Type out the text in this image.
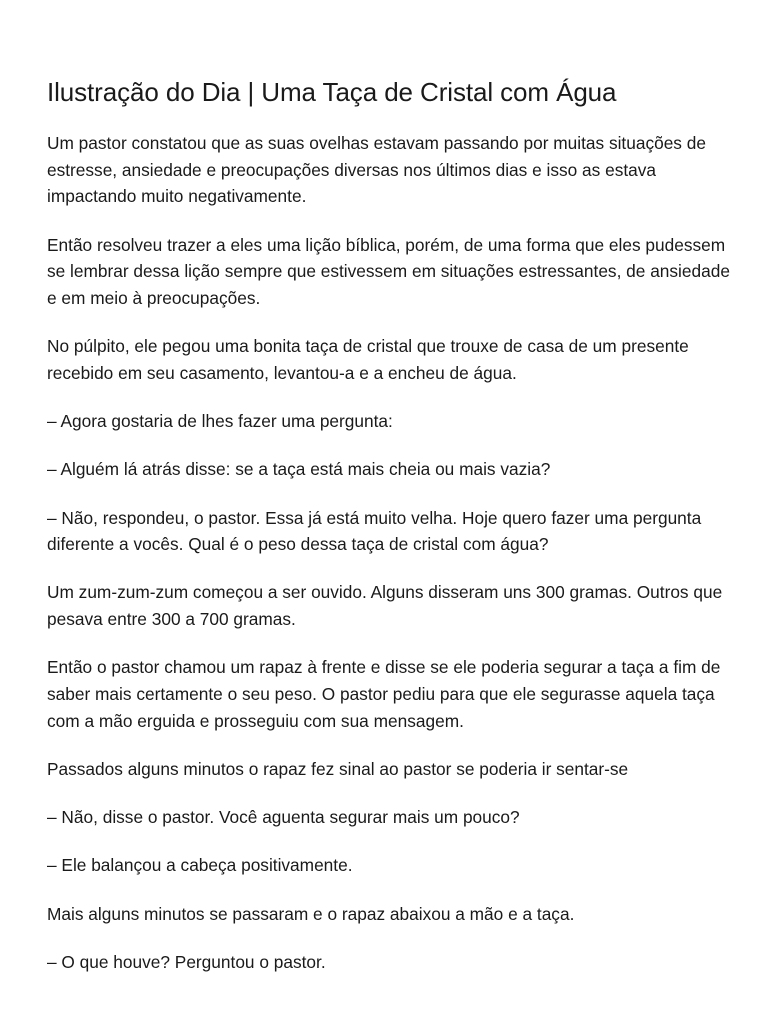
Ilustração do Dia | Uma Taça de Cristal com Água

Um pastor constatou que as suas ovelhas estavam passando por muitas situações de estresse, ansiedade e preocupações diversas nos últimos dias e isso as estava impactando muito negativamente.

Então resolveu trazer a eles uma lição bíblica, porém, de uma forma que eles pudessem se lembrar dessa lição sempre que estivessem em situações estressantes, de ansiedade e em meio à preocupações.

No púlpito, ele pegou uma bonita taça de cristal que trouxe de casa de um presente recebido em seu casamento, levantou-a e a encheu de água.

– Agora gostaria de lhes fazer uma pergunta:

– Alguém lá atrás disse: se a taça está mais cheia ou mais vazia?

– Não, respondeu, o pastor. Essa já está muito velha. Hoje quero fazer uma pergunta diferente a vocês. Qual é o peso dessa taça de cristal com água?

Um zum-zum-zum começou a ser ouvido. Alguns disseram uns 300 gramas. Outros que pesava entre 300 a 700 gramas.

Então o pastor chamou um rapaz à frente e disse se ele poderia segurar a taça a fim de saber mais certamente o seu peso. O pastor pediu para que ele segurasse aquela taça com a mão erguida e prosseguiu com sua mensagem.

Passados alguns minutos o rapaz fez sinal ao pastor se poderia ir sentar-se

– Não, disse o pastor. Você aguenta segurar mais um pouco?

– Ele balançou a cabeça positivamente.

Mais alguns minutos se passaram e o rapaz abaixou a mão e a taça.

– O que houve? Perguntou o pastor.
